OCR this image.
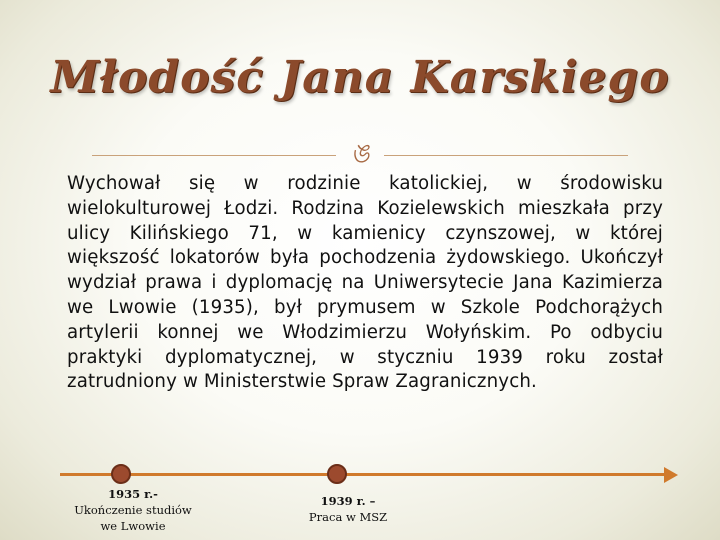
Młodość Jana Karskiego
ঙ
Wychował się w rodzinie katolickiej, w środowisku wielokulturowej Łodzi. Rodzina Kozielewskich mieszkała przy ulicy Kilińskiego 71, w kamienicy czynszowej, w której większość lokatorów była pochodzenia żydowskiego. Ukończył wydział prawa i dyplomację na Uniwersytecie Jana Kazimierza we Lwowie (1935), był prymusem w Szkole Podchorążych artylerii konnej we Włodzimierzu Wołyńskim. Po odbyciu praktyki dyplomatycznej, w styczniu 1939 roku został zatrudniony w Ministerstwie Spraw Zagranicznych.
1935 r.-
Ukończenie studiów
we Lwowie
1939 r. –
Praca w MSZ
